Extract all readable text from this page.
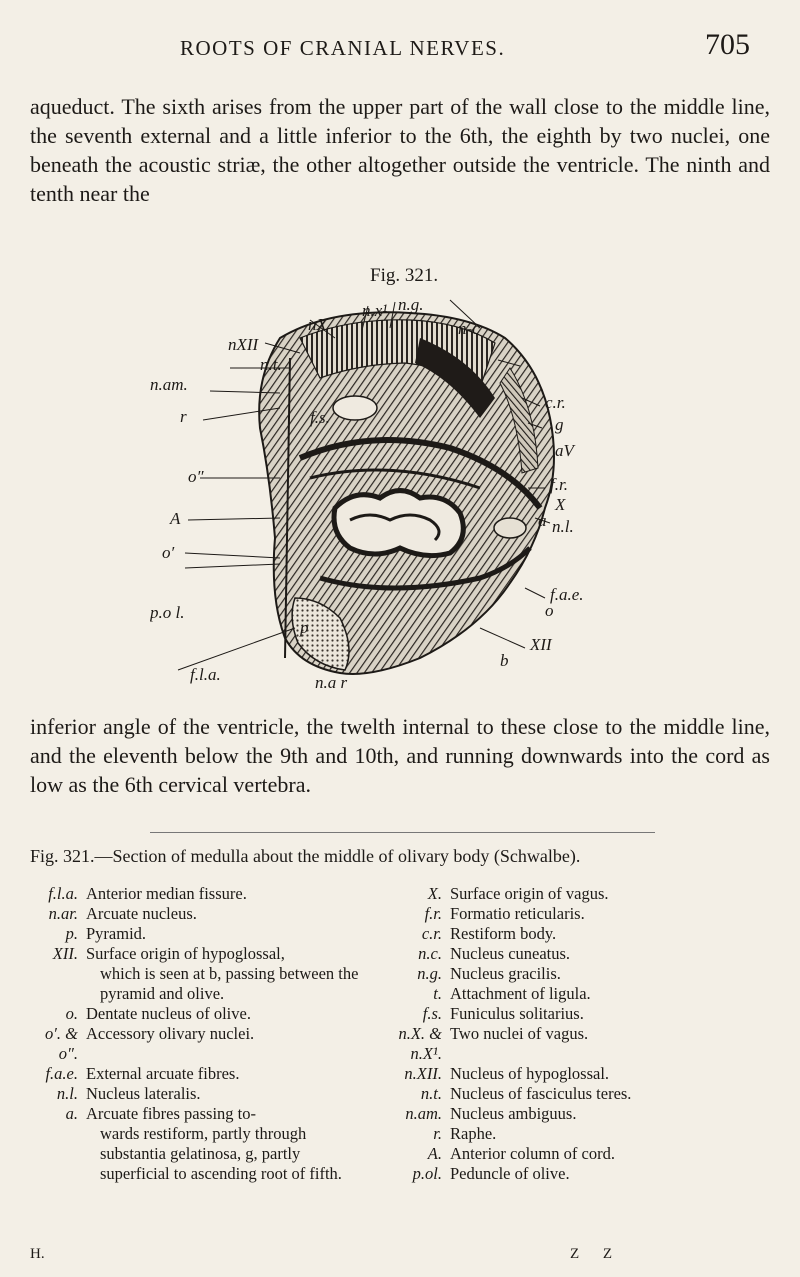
ROOTS OF CRANIAL NERVES.	705
aqueduct. The sixth arises from the upper part of the wall close to the middle line, the seventh external and a little inferior to the 6th, the eighth by two nuclei, one beneath the acoustic striæ, the other altogether outside the ventricle. The ninth and tenth near the
Fig. 321.
n.x¹ n.g.
nX
nXII
n.t.
n-c
f.s.
c.r.
g
n.am.
aV
r
o″	f.r.
X
A	a n.l.
o′
f.a.e.
p.o l.	o
p
XII
b
f.l.a.	n.a r
inferior angle of the ventricle, the twelth internal to these close to the middle line, and the eleventh below the 9th and 10th, and running downwards into the cord as low as the 6th cervical vertebra.
Fig. 321.—Section of medulla about the middle of olivary body (Schwalbe).
f.l.a. Anterior median fissure.
n.ar. Arcuate nucleus.
p. Pyramid.
XII. Surface origin of hypoglossal,
which is seen at b, passing between the pyramid and olive.
o. Dentate nucleus of olive.
o′. & o″.
Accessory olivary nuclei.
f.a.e. External arcuate fibres.
n.l. Nucleus lateralis.
a. Arcuate fibres passing to-
wards restiform, partly through substantia gelatinosa, g, partly superficial to ascending root of fifth.
X. Surface origin of vagus.
f.r. Formatio reticularis.
c.r. Restiform body.
n.c. Nucleus cuneatus.
n.g. Nucleus gracilis.
t. Attachment of ligula.
f.s. Funiculus solitarius.
n.X. & n.X¹.
Two nuclei of vagus.
n.XII. Nucleus of hypoglossal.
n.t. Nucleus of fasciculus teres.
n.am. Nucleus ambiguus.
r. Raphe.
A. Anterior column of cord.
p.ol. Peduncle of olive.
H.	Z Z
